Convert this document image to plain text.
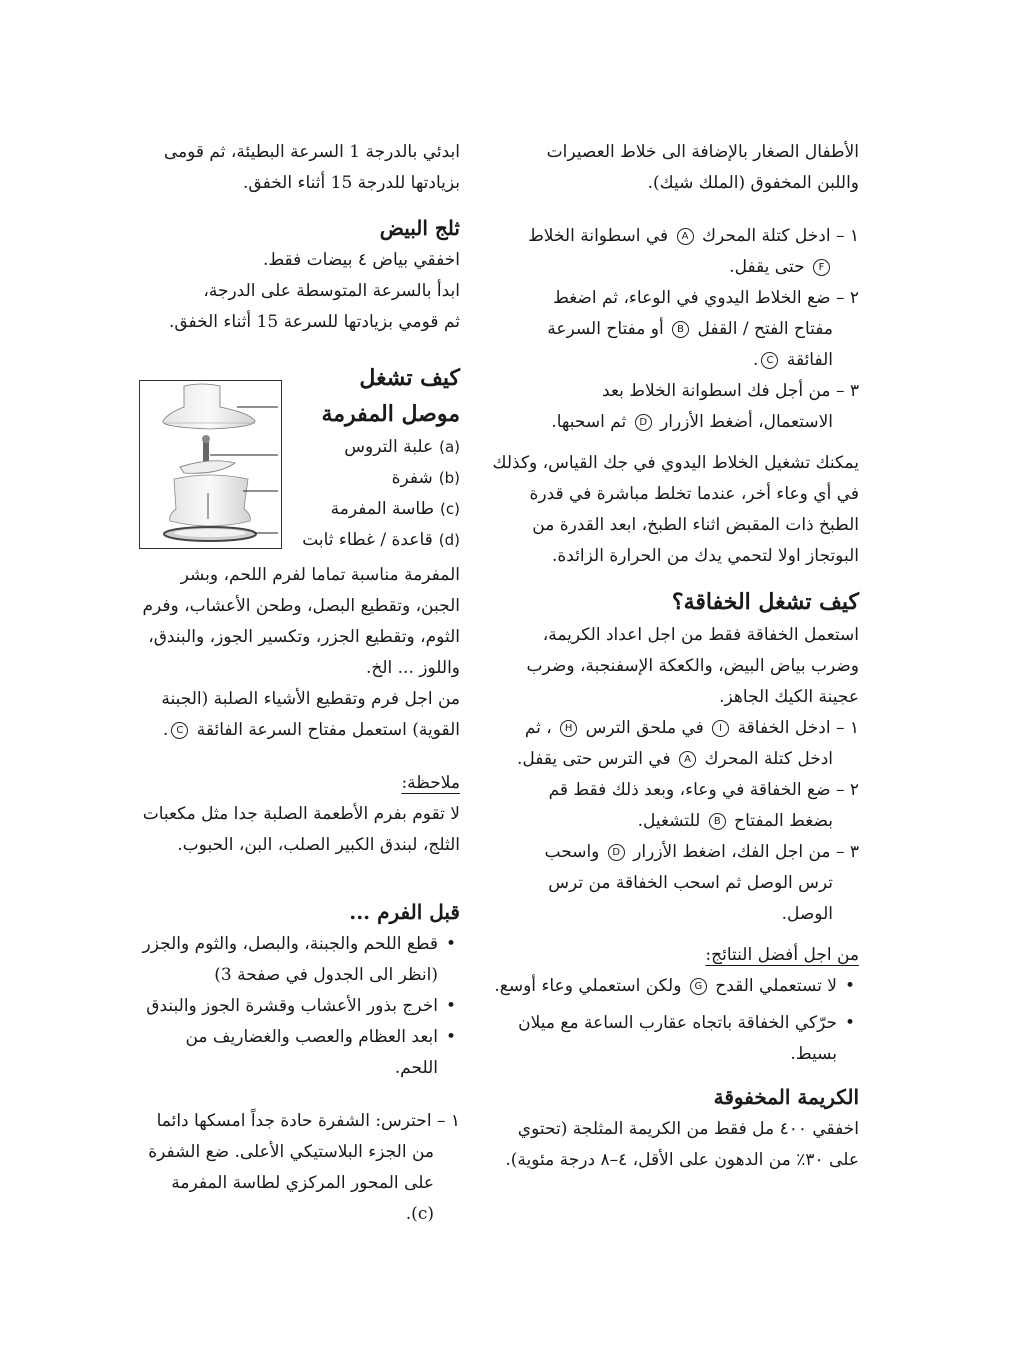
الأطفال الصغار بالإضافة الى خلاط العصيرات

واللبن المخفوق (الملك شيك).

١ – ادخل كتلة المحرك A في اسطوانة الخلاط

F حتى يقفل.

٢ – ضع الخلاط اليدوي في الوعاء، ثم اضغط

مفتاح الفتح / القفل B أو مفتاح السرعة
الفائقة C.

٣ – من أجل فك اسطوانة الخلاط بعد

الاستعمال، أضغط الأزرار D ثم اسحبها.

يمكنك تشغيل الخلاط اليدوي في جك القياس، وكذلك في أي وعاء أخر، عندما تخلط مباشرة في قدرة الطبخ ذات المقبض اثناء الطبخ، ابعد القدرة من البوتجاز اولا لتحمي يدك من الحرارة الزائدة.

كيف تشغل الخفاقة؟

استعمل الخفاقة فقط من اجل اعداد الكريمة، وضرب بياض البيض، والكعكة الإسفنجبة، وضرب عجينة الكيك الجاهز.

١ – ادخل الخفاقة I في ملحق الترس H ، ثم

ادخل كتلة المحرك A في الترس حتى يقفل.

٢ – ضع الخفاقة في وعاء، وبعد ذلك فقط قم

بضغط المفتاح B للتشغيل.

٣ – من اجل الفك، اضغط الأزرار D واسحب

ترس الوصل ثم اسحب الخفاقة من ترس الوصل.

من اجل أفضل النتائج:

• لا تستعملي القدح G ولكن استعملي وعاء أوسع.
• حرّكي الخفاقة باتجاه عقارب الساعة مع ميلان بسيط.
الكريمة المخفوقة

اخفقي ٤٠٠ مل فقط من الكريمة المثلجة (تحتوي على ٣٠٪ من الدهون على الأقل، ٤–٨ درجة مئوية).

ابدئي بالدرجة 1 السرعة البطيئة، ثم قومى

بزيادتها للدرجة 15 أثناء الخفق.

ثلج البيض

اخفقي بياض ٤ بيضات فقط.

ابدأ بالسرعة المتوسطة على الدرجة،

ثم قومي بزيادتها للسرعة 15 أثناء الخفق.

كيف تشغل
موصل المفرمة
(a)علبة التروس
(b)شفرة
(c)طاسة المفرمة
(d)قاعدة / غطاء ثابت

المفرمة مناسبة تماما لفرم اللحم، وبشر الجبن، وتقطيع البصل، وطحن الأعشاب، وفرم الثوم، وتقطيع الجزر، وتكسير الجوز، والبندق، واللوز ... الخ.

من اجل فرم وتقطيع الأشياء الصلبة (الجبنة القوية) استعمل مفتاح السرعة الفائقة C.

ملاحظة:

لا تقوم بفرم الأطعمة الصلبة جدا مثل مكعبات الثلج، لبندق الكبير الصلب، البن، الحبوب.

قبل الفرم ...
• قطع اللحم والجبنة، والبصل، والثوم والجزر (انظر الى الجدول في صفحة 3)
• اخرج بذور الأعشاب وقشرة الجوز والبندق
• ابعد العظام والعصب والغضاريف من اللحم.

١ – احترس: الشفرة حادة جداً امسكها دائما

من الجزء البلاستيكي الأعلى. ضع الشفرة
على المحور المركزي لطاسة المفرمة (c).
